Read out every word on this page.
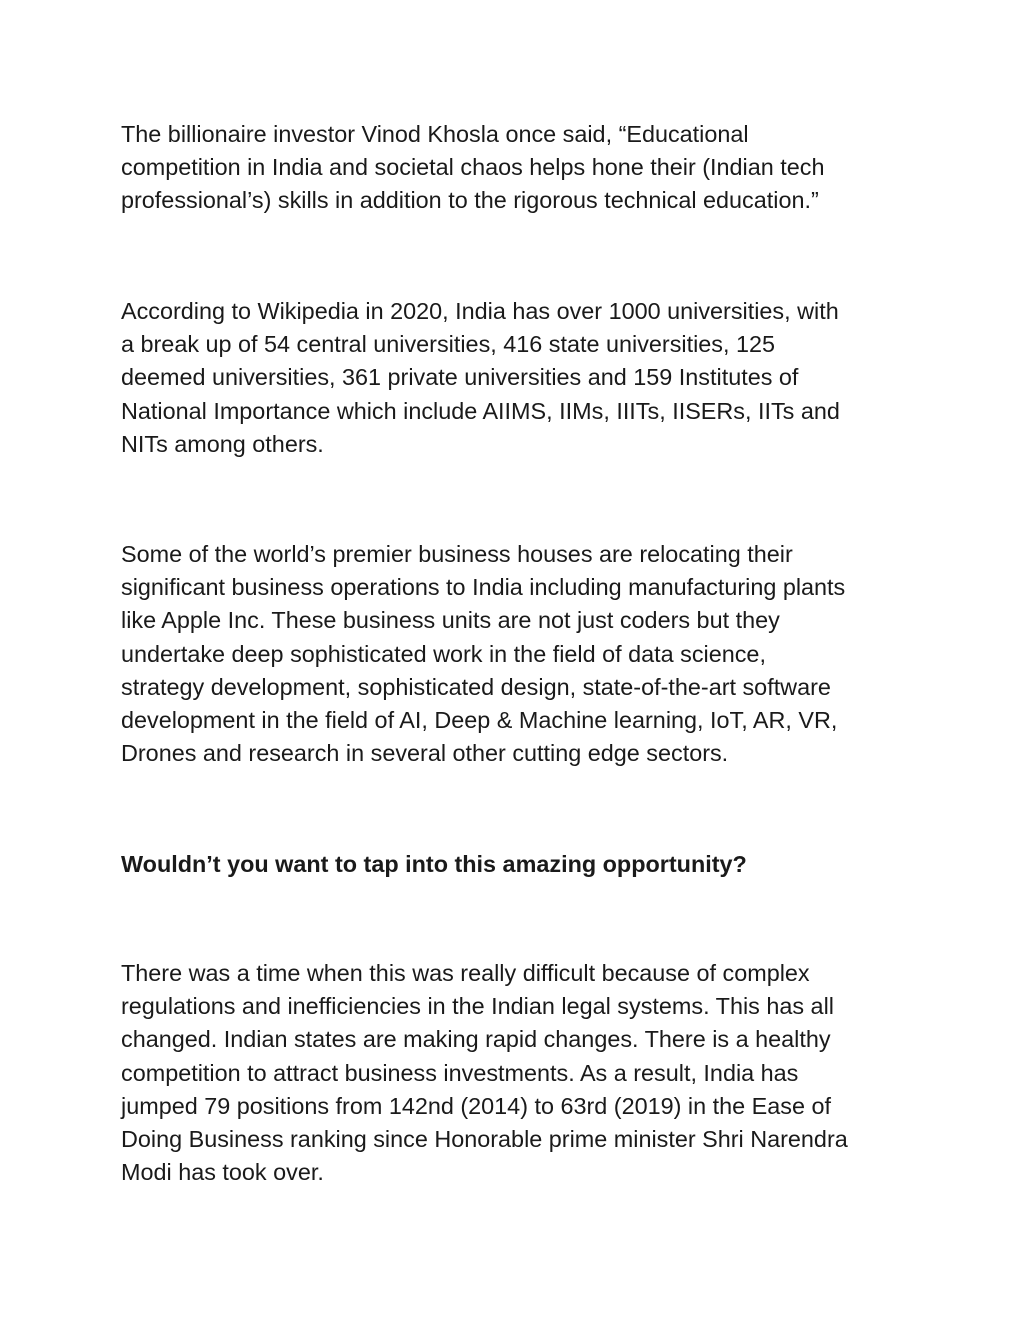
The billionaire investor Vinod Khosla once said, “Educational
competition in India and societal chaos helps hone their (Indian tech
professional’s) skills in addition to the rigorous technical education.”

According to Wikipedia in 2020, India has over 1000 universities, with
a break up of 54 central universities, 416 state universities, 125
deemed universities, 361 private universities and 159 Institutes of
National Importance which include AIIMS, IIMs, IIITs, IISERs, IITs and
NITs among others.

Some of the world’s premier business houses are relocating their
significant business operations to India including manufacturing plants
like Apple Inc. These business units are not just coders but they
undertake deep sophisticated work in the field of data science,
strategy development, sophisticated design, state-of-the-art software
development in the field of AI, Deep & Machine learning, IoT, AR, VR,
Drones and research in several other cutting edge sectors.

Wouldn’t you want to tap into this amazing opportunity?

There was a time when this was really difficult because of complex
regulations and inefficiencies in the Indian legal systems. This has all
changed. Indian states are making rapid changes. There is a healthy
competition to attract business investments. As a result, India has
jumped 79 positions from 142nd (2014) to 63rd (2019) in the Ease of
Doing Business ranking since Honorable prime minister Shri Narendra
Modi has took over.
